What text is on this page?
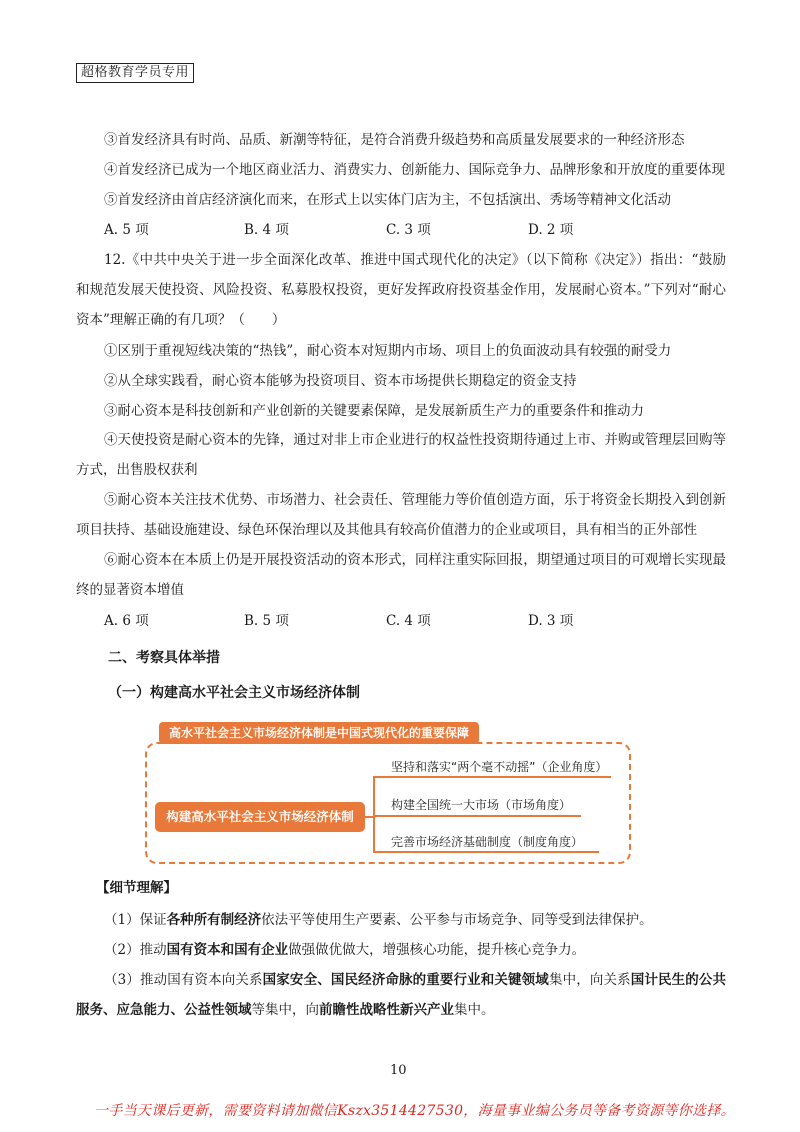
超格教育学员专用
③首发经济具有时尚、品质、新潮等特征，是符合消费升级趋势和高质量发展要求的一种经济形态
④首发经济已成为一个地区商业活力、消费实力、创新能力、国际竞争力、品牌形象和开放度的重要体现
⑤首发经济由首店经济演化而来，在形式上以实体门店为主，不包括演出、秀场等精神文化活动
A. 5 项	B. 4 项	C. 3 项	D. 2 项

12.《中共中央关于进一步全面深化改革、推进中国式现代化的决定》（以下简称《决定》）指出：“鼓励和规范发展天使投资、风险投资、私募股权投资，更好发挥政府投资基金作用，发展耐心资本。”下列对“耐心资本”理解正确的有几项？（　　）

①区别于重视短线决策的“热钱”，耐心资本对短期内市场、项目上的负面波动具有较强的耐受力
②从全球实践看，耐心资本能够为投资项目、资本市场提供长期稳定的资金支持
③耐心资本是科技创新和产业创新的关键要素保障，是发展新质生产力的重要条件和推动力

④天使投资是耐心资本的先锋，通过对非上市企业进行的权益性投资期待通过上市、并购或管理层回购等方式，出售股权获利

⑤耐心资本关注技术优势、市场潜力、社会责任、管理能力等价值创造方面，乐于将资金长期投入到创新项目扶持、基础设施建设、绿色环保治理以及其他具有较高价值潜力的企业或项目，具有相当的正外部性

⑥耐心资本在本质上仍是开展投资活动的资本形式，同样注重实际回报，期望通过项目的可观增长实现最终的显著资本增值

A. 6 项	B. 5 项	C. 4 项	D. 3 项
二、考察具体举措
（一）构建高水平社会主义市场经济体制
高水平社会主义市场经济体制是中国式现代化的重要保障
构建高水平社会主义市场经济体制
坚持和落实“两个毫不动摇”（企业角度）
构建全国统一大市场（市场角度）
完善市场经济基础制度（制度角度）
【细节理解】
（1）保证各种所有制经济依法平等使用生产要素、公平参与市场竞争、同等受到法律保护。
（2）推动国有资本和国有企业做强做优做大，增强核心功能，提升核心竞争力。

（3）推动国有资本向关系国家安全、国民经济命脉的重要行业和关键领域集中，向关系国计民生的公共服务、应急能力、公益性领域等集中，向前瞻性战略性新兴产业集中。

10
一手当天课后更新，需要资料请加微信Kszx3514427530，海量事业编公务员等备考资源等你选择。
